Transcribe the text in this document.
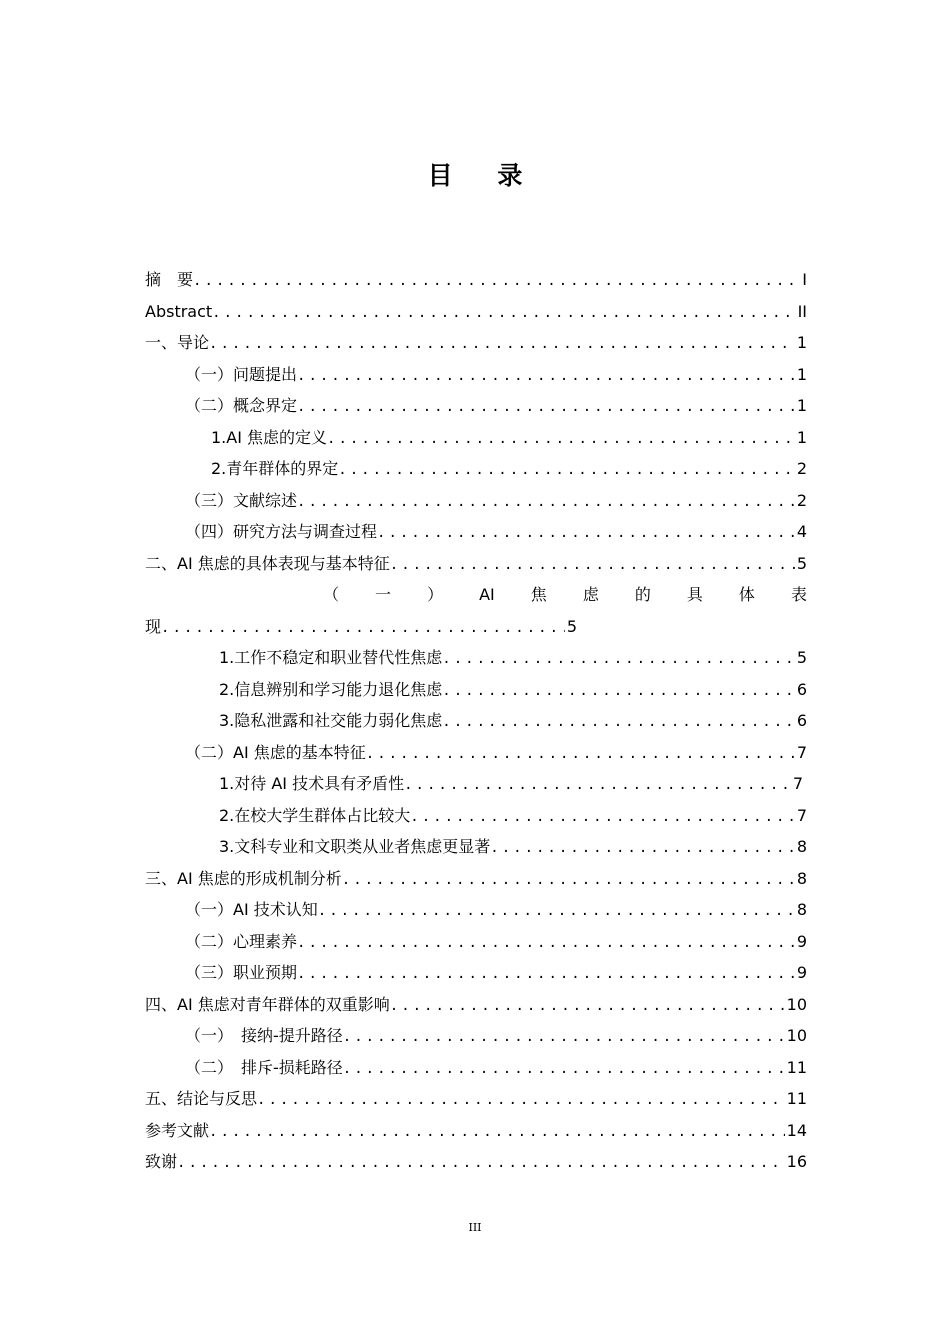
目 录
摘　要 .....	I
Abstract .....	II
一、导论 .....	1
（一）问题提出 .....	1
（二）概念界定 .....	1
1.AI 焦虑的定义 .....	1
2.青年群体的界定 .....	2
（三）文献综述 .....	2
（四）研究方法与调查过程 .....	4
二、AI 焦虑的具体表现与基本特征 .....	5
（ 一 ） AI 焦 虑 的 具 体 表
现 .....	5
1.工作不稳定和职业替代性焦虑 .....	5
2.信息辨别和学习能力退化焦虑 .....	6
3.隐私泄露和社交能力弱化焦虑 .....	6
（二）AI 焦虑的基本特征 .....	7
1.对待 AI 技术具有矛盾性 .....	7
2.在校大学生群体占比较大 .....	7
3.文科专业和文职类从业者焦虑更显著 .....	8
三、AI 焦虑的形成机制分析 .....	8
（一）AI 技术认知 .....	8
（二）心理素养 .....	9
（三）职业预期 .....	9
四、AI 焦虑对青年群体的双重影响 .....	10
（一）　接纳-提升路径 .....	10
（二）　排斥-损耗路径 .....	11
五、结论与反思 .....	11
参考文献 .....	14
致谢 .....	16
III
